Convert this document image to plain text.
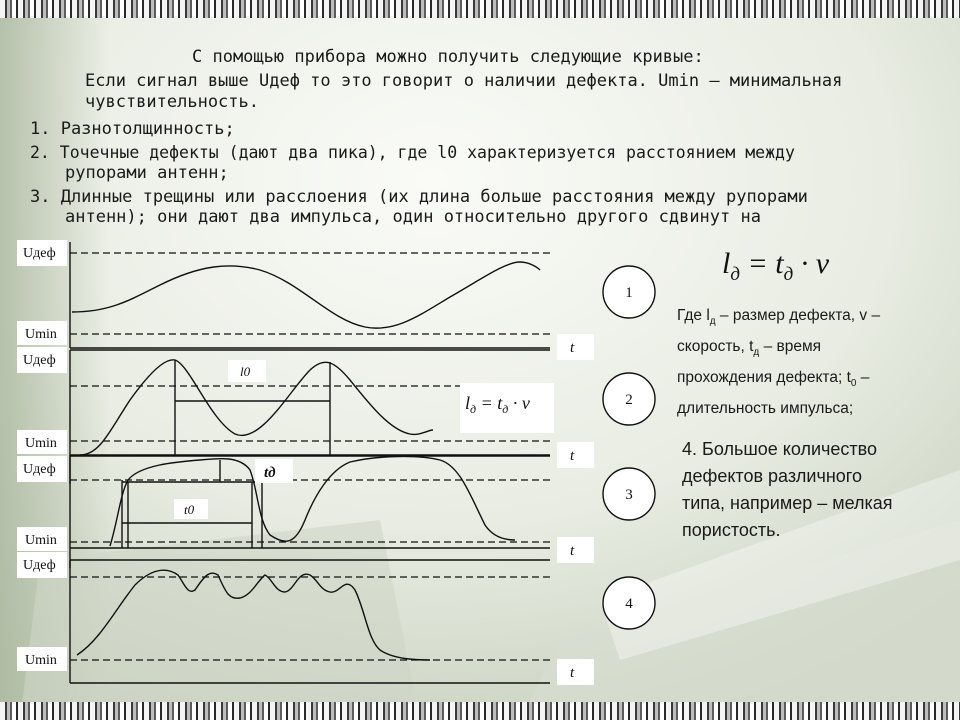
С помощью прибора можно получить следующие кривые:
Если сигнал выше Uдеф то это говорит о наличии дефекта. Umin – минимальная
чувствительность.
1. Разнотолщинность;
2. Точечные дефекты (дают два пика), где l0 характеризуется расстоянием между
рупорами антенн;
3. Длинные трещины или расслоения (их длина больше расстояния между рупорами
антенн); они дают два импульса, один относительно другого сдвинут на
Uдеф
Umin
Uдеф
Umin
Uдеф
Umin
Uдеф
Umin
t
t
t
t
l0
tд
t0
1
2
3
4
$l_д = t_д \cdot v$
$l_д = t_д \cdot v$
Где $l_д$ – размер дефекта, v –
скорость, $t_д$ – время
прохождения дефекта; $t_0$ –
длительность импульса;
4. Большое количество
дефектов различного
типа, например – мелкая
пористость.
